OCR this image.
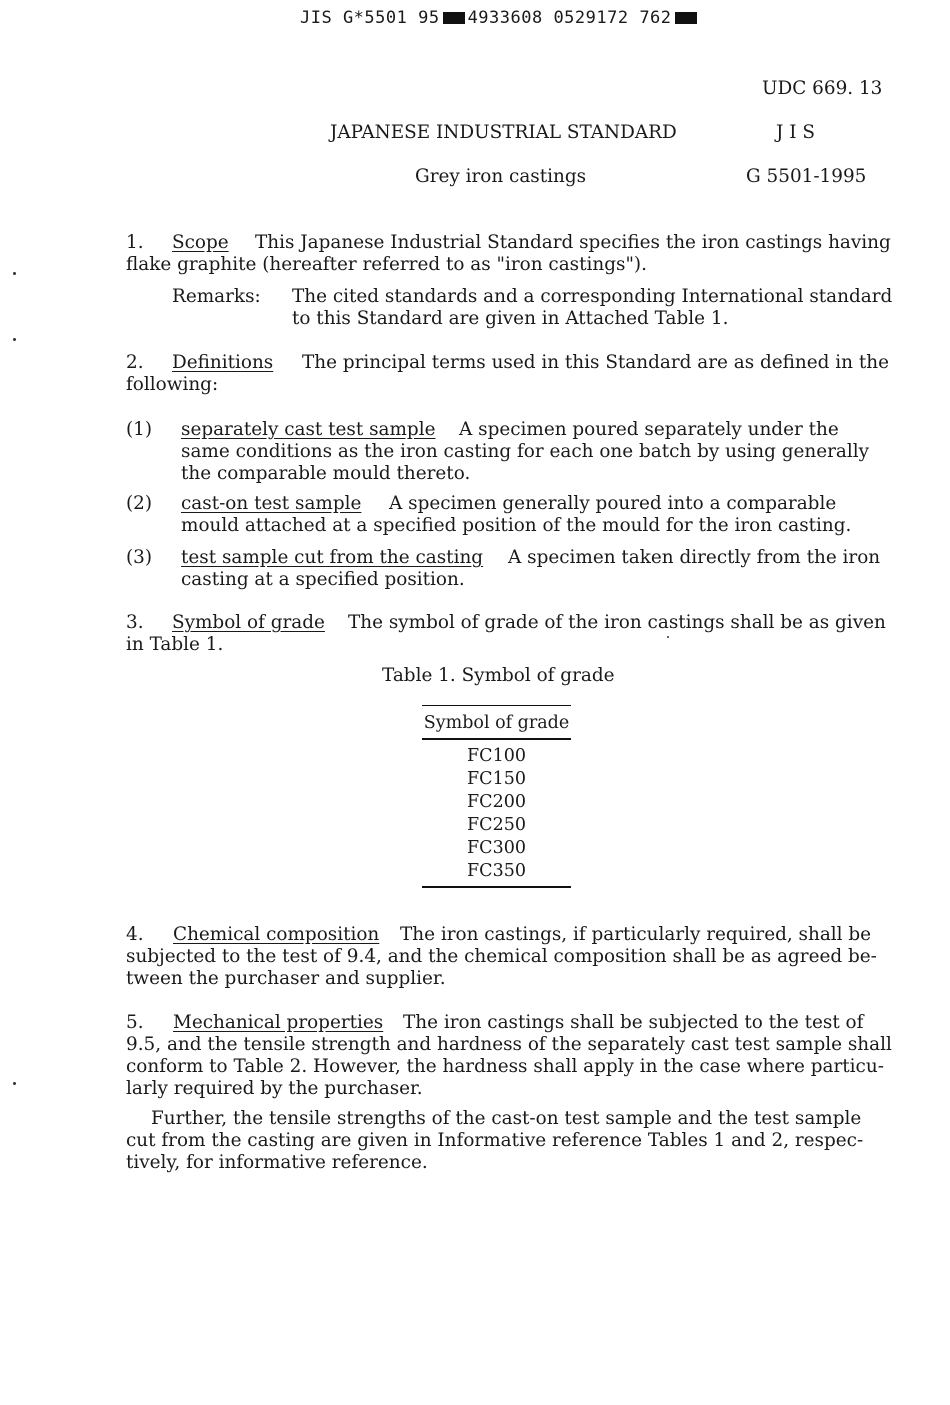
JIS G*5501 95 4933608 0529172 762
UDC 669. 13
JAPANESE INDUSTRIAL STANDARD	J I S
Grey iron castings	G 5501-1995
1. Scope This Japanese Industrial Standard specifies the iron castings having
flake graphite (hereafter referred to as "iron castings").
Remarks: The cited standards and a corresponding International standard
to this Standard are given in Attached Table 1.
2. Definitions The principal terms used in this Standard are as defined in the
following:
(1) separately cast test sample A specimen poured separately under the
same conditions as the iron casting for each one batch by using generally
the comparable mould thereto.
(2) cast-on test sample A specimen generally poured into a comparable
mould attached at a specified position of the mould for the iron casting.
(3) test sample cut from the casting A specimen taken directly from the iron
casting at a specified position.
3. Symbol of grade The symbol of grade of the iron castings shall be as given
in Table 1.
Table 1. Symbol of grade
Symbol of grade
FC100
FC150
FC200
FC250
FC300
FC350
4. Chemical composition The iron castings, if particularly required, shall be
subjected to the test of 9.4, and the chemical composition shall be as agreed be-
tween the purchaser and supplier.
5. Mechanical properties The iron castings shall be subjected to the test of
9.5, and the tensile strength and hardness of the separately cast test sample shall
conform to Table 2. However, the hardness shall apply in the case where particu-
larly required by the purchaser.
Further, the tensile strengths of the cast-on test sample and the test sample
cut from the casting are given in Informative reference Tables 1 and 2, respec-
tively, for informative reference.
